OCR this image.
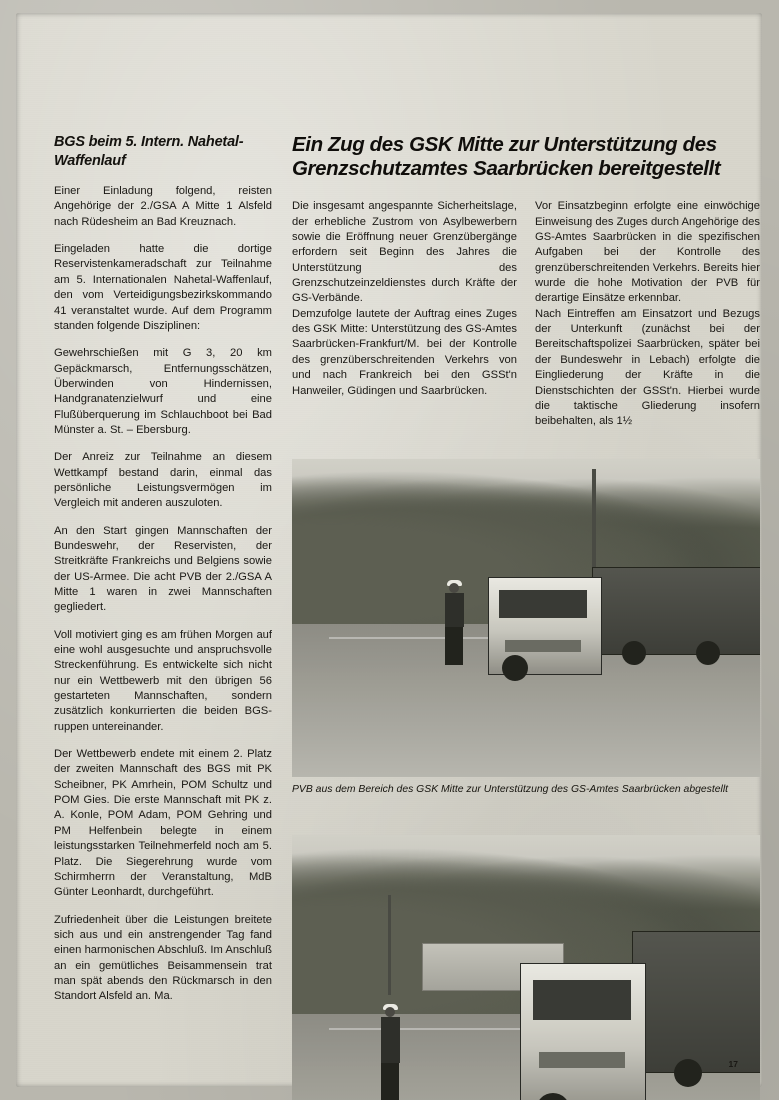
BGS beim 5. Intern. Nahetal-Waffenlauf

Einer Einladung folgend, reisten Angehörige der 2./GSA A Mitte 1 Alsfeld nach Rüdesheim an Bad Kreuznach.

Eingeladen hatte die dortige Reservistenkameradschaft zur Teilnahme am 5. Internationalen Nahetal-Waffenlauf, den vom Verteidigungsbezirkskommando 41 veranstaltet wurde. Auf dem Programm standen folgende Disziplinen:

Gewehrschießen mit G 3, 20 km Gepäckmarsch, Entfernungsschätzen, Überwinden von Hindernissen, Handgranatenzielwurf und eine Flußüberquerung im Schlauchboot bei Bad Münster a. St. – Ebersburg.

Der Anreiz zur Teilnahme an diesem Wettkampf bestand darin, einmal das persönliche Leistungsvermögen im Vergleich mit anderen auszuloten.

An den Start gingen Mannschaften der Bundeswehr, der Reservisten, der Streitkräfte Frankreichs und Belgiens sowie der US-Armee. Die acht PVB der 2./GSA A Mitte 1 waren in zwei Mannschaften gegliedert.

Voll motiviert ging es am frühen Morgen auf eine wohl ausgesuchte und anspruchsvolle Streckenführung. Es entwickelte sich nicht nur ein Wettbewerb mit den übrigen 56 gestarteten Mannschaften, sondern zusätzlich konkurrierten die beiden BGS-ruppen untereinander.

Der Wettbewerb endete mit einem 2. Platz der zweiten Mannschaft des BGS mit PK Scheibner, PK Amrhein, POM Schultz und POM Gies. Die erste Mannschaft mit PK z. A. Konle, POM Adam, POM Gehring und PM Helfenbein belegte in einem leistungsstarken Teilnehmerfeld noch am 5. Platz. Die Siegerehrung wurde vom Schirmherrn der Veranstaltung, MdB Günter Leonhardt, durchgeführt.

Zufriedenheit über die Leistungen breitete sich aus und ein anstrengender Tag fand einen harmonischen Abschluß. Im Anschluß an ein gemütliches Beisammensein trat man spät abends den Rückmarsch in den Standort Alsfeld an. Ma.

Ein Zug des GSK Mitte zur Unterstützung des Grenzschutzamtes Saarbrücken bereitgestellt

Die insgesamt angespannte Sicherheitslage, der erhebliche Zustrom von Asylbewerbern sowie die Eröffnung neuer Grenzübergänge erfordern seit Beginn des Jahres die Unterstützung des Grenzschutzeinzeldienstes durch Kräfte der GS-Verbände.

Demzufolge lautete der Auftrag eines Zuges des GSK Mitte: Unterstützung des GS-Amtes Saarbrücken-Frankfurt/M. bei der Kontrolle des grenzüberschreitenden Verkehrs von und nach Frankreich bei den GSSt'n Hanweiler, Güdingen und Saarbrücken.

Vor Einsatzbeginn erfolgte eine einwöchige Einweisung des Zuges durch Angehörige des GS-Amtes Saarbrücken in die spezifischen Aufgaben bei der Kontrolle des grenzüberschreitenden Verkehrs. Bereits hier wurde die hohe Motivation der PVB für derartige Einsätze erkennbar.

Nach Eintreffen am Einsatzort und Bezugs der Unterkunft (zunächst bei der Bereitschaftspolizei Saarbrücken, später bei der Bundeswehr in Lebach) erfolgte die Eingliederung der Kräfte in die Dienstschichten der GSSt'n. Hierbei wurde die taktische Gliederung insofern beibehalten, als 1½

PVB aus dem Bereich des GSK Mitte zur Unterstützung des GS-Amtes Saarbrücken abgestellt
17
